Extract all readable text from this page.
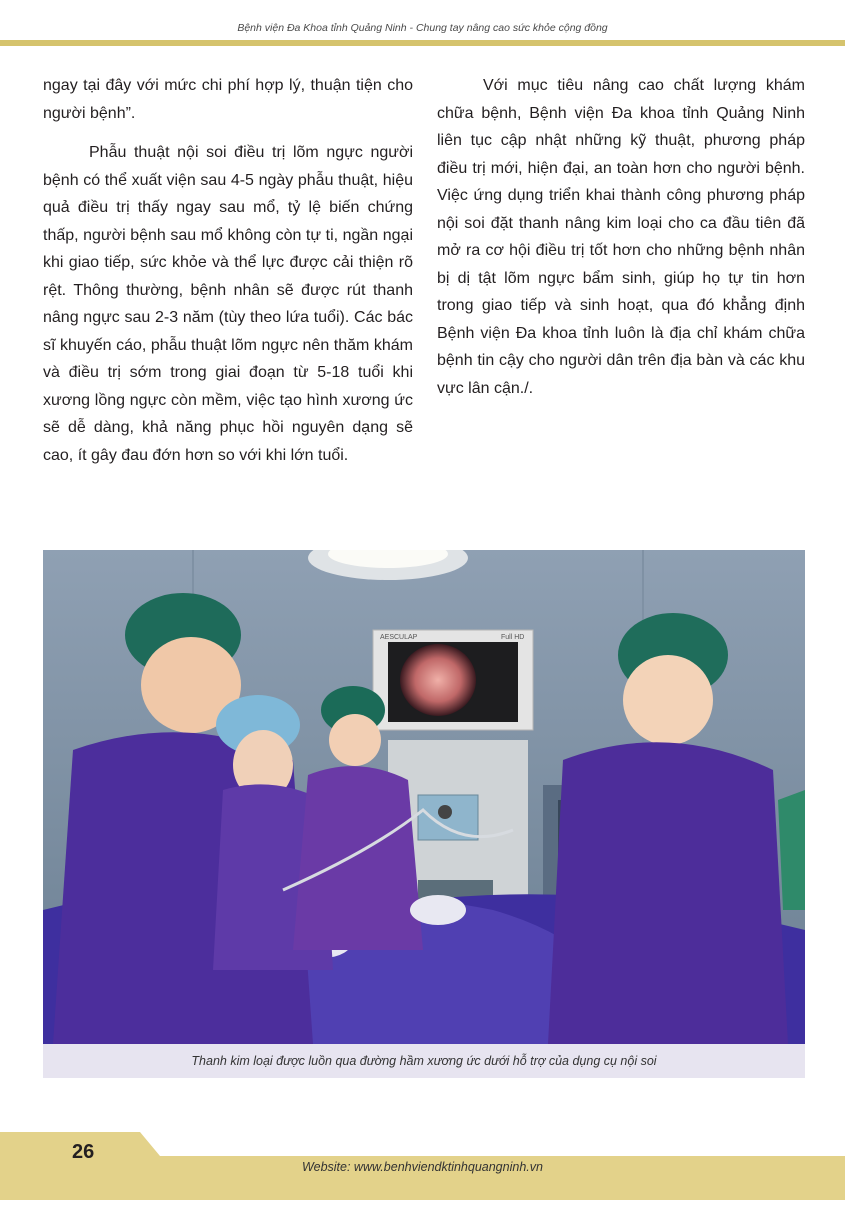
Bệnh viện Đa Khoa tỉnh Quảng Ninh - Chung tay nâng cao sức khỏe cộng đồng

ngay tại đây với mức chi phí hợp lý, thuận tiện cho người bệnh”.

Phẫu thuật nội soi điều trị lõm ngực người bệnh có thể xuất viện sau 4-5 ngày phẫu thuật, hiệu quả điều trị thấy ngay sau mổ, tỷ lệ biến chứng thấp, người bệnh sau mổ không còn tự ti, ngần ngại khi giao tiếp, sức khỏe và thể lực được cải thiện rõ rệt. Thông thường, bệnh nhân sẽ được rút thanh nâng ngực sau 2-3 năm (tùy theo lứa tuổi). Các bác sĩ khuyến cáo, phẫu thuật lõm ngực nên thăm khám và điều trị sớm trong giai đoạn từ 5-18 tuổi khi xương lồng ngực còn mềm, việc tạo hình xương ức sẽ dễ dàng, khả năng phục hồi nguyên dạng sẽ cao, ít gây đau đớn hơn so với khi lớn tuổi.

Với mục tiêu nâng cao chất lượng khám chữa bệnh, Bệnh viện Đa khoa tỉnh Quảng Ninh liên tục cập nhật những kỹ thuật, phương pháp điều trị mới, hiện đại, an toàn hơn cho người bệnh. Việc ứng dụng triển khai thành công phương pháp nội soi đặt thanh nâng kim loại cho ca đầu tiên đã mở ra cơ hội điều trị tốt hơn cho những bệnh nhân bị dị tật lõm ngực bẩm sinh, giúp họ tự tin hơn trong giao tiếp và sinh hoạt, qua đó khẳng định Bệnh viện Đa khoa tỉnh luôn là địa chỉ khám chữa bệnh tin cậy cho người dân trên địa bàn và các khu vực lân cận./.

AESCULAP	Full HD
Thanh kim loại được luồn qua đường hầm xương ức dưới hỗ trợ của dụng cụ nội soi
26
Website: www.benhviendktinhquangninh.vn
